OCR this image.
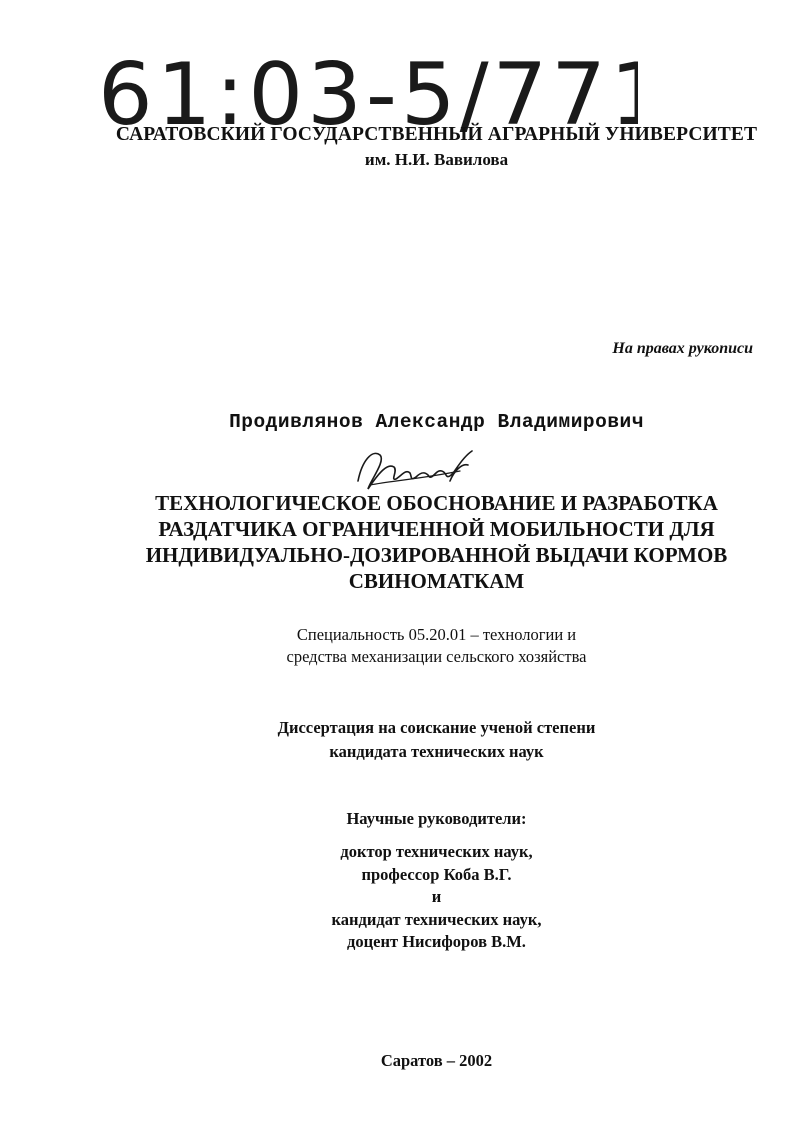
61:03-5/77
САРАТОВСКИЙ ГОСУДАРСТВЕННЫЙ АГРАРНЫЙ УНИВЕРСИТЕТ
им. Н.И. Вавилова
На правах рукописи
Продивлянов Александр Владимирович
ТЕХНОЛОГИЧЕСКОЕ ОБОСНОВАНИЕ И РАЗРАБОТКА
РАЗДАТЧИКА ОГРАНИЧЕННОЙ МОБИЛЬНОСТИ ДЛЯ
ИНДИВИДУАЛЬНО-ДОЗИРОВАННОЙ ВЫДАЧИ КОРМОВ
СВИНОМАТКАМ
Специальность 05.20.01 – технологии и
средства механизации сельского хозяйства
Диссертация на соискание ученой степени
кандидата технических наук
Научные руководители:
доктор технических наук,
профессор Коба В.Г.
и
кандидат технических наук,
доцент Нисифоров В.М.
Саратов – 2002
